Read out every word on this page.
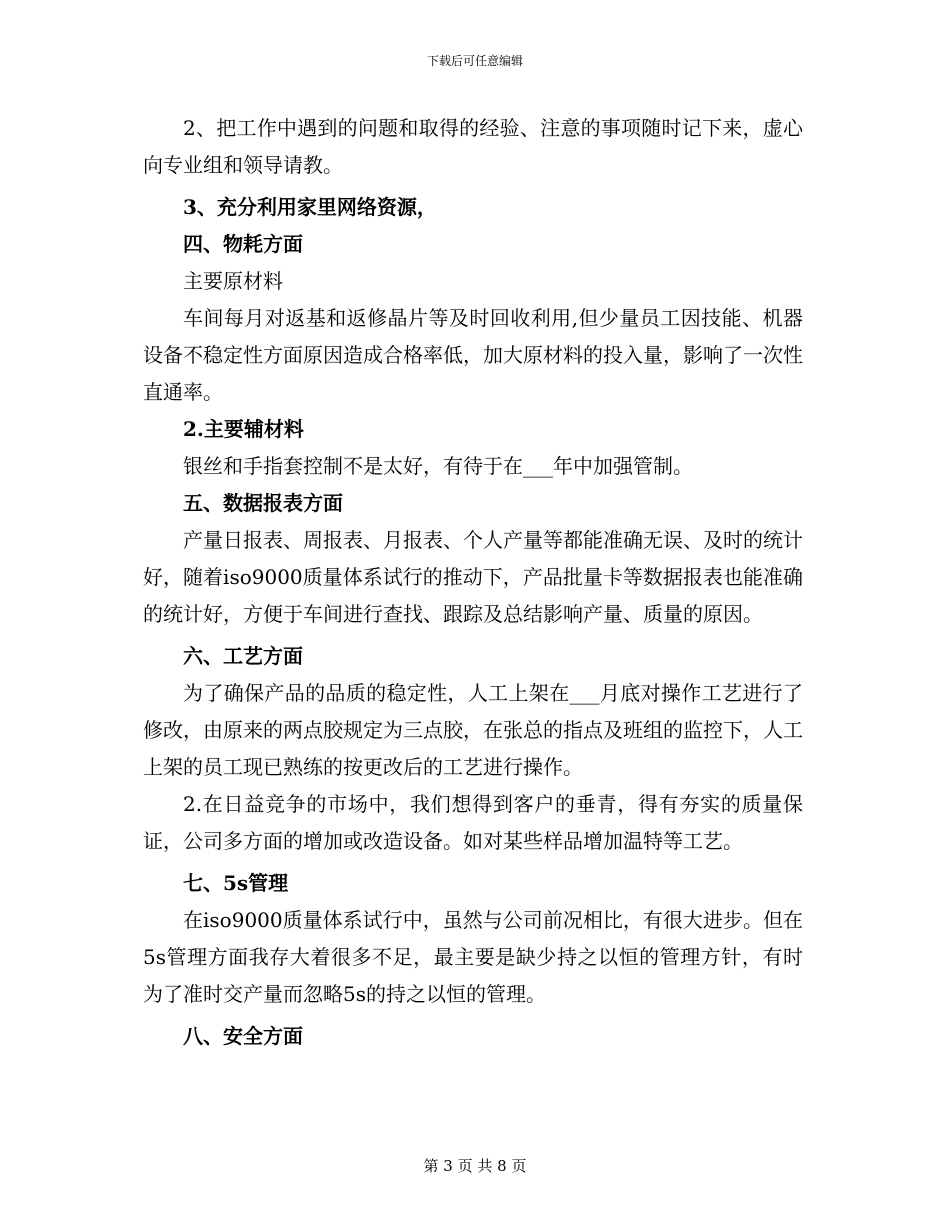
下载后可任意编辑

2、把工作中遇到的问题和取得的经验、注意的事项随时记下来，虚心向专业组和领导请教。

3、充分利用家里网络资源，

四、物耗方面

主要原材料

车间每月对返基和返修晶片等及时回收利用,但少量员工因技能、机器设备不稳定性方面原因造成合格率低，加大原材料的投入量，影响了一次性直通率。

2.主要辅材料

银丝和手指套控制不是太好，有待于在___年中加强管制。

五、数据报表方面

产量日报表、周报表、月报表、个人产量等都能准确无误、及时的统计好，随着iso9000质量体系试行的推动下，产品批量卡等数据报表也能准确的统计好，方便于车间进行查找、跟踪及总结影响产量、质量的原因。

六、工艺方面

为了确保产品的品质的稳定性，人工上架在___月底对操作工艺进行了修改，由原来的两点胶规定为三点胶，在张总的指点及班组的监控下，人工上架的员工现已熟练的按更改后的工艺进行操作。

2.在日益竞争的市场中，我们想得到客户的垂青，得有夯实的质量保证，公司多方面的增加或改造设备。如对某些样品增加温特等工艺。

七、5s管理

在iso9000质量体系试行中，虽然与公司前况相比，有很大进步。但在5s管理方面我存大着很多不足，最主要是缺少持之以恒的管理方针，有时为了准时交产量而忽略5s的持之以恒的管理。

八、安全方面

第 3 页 共 8 页
